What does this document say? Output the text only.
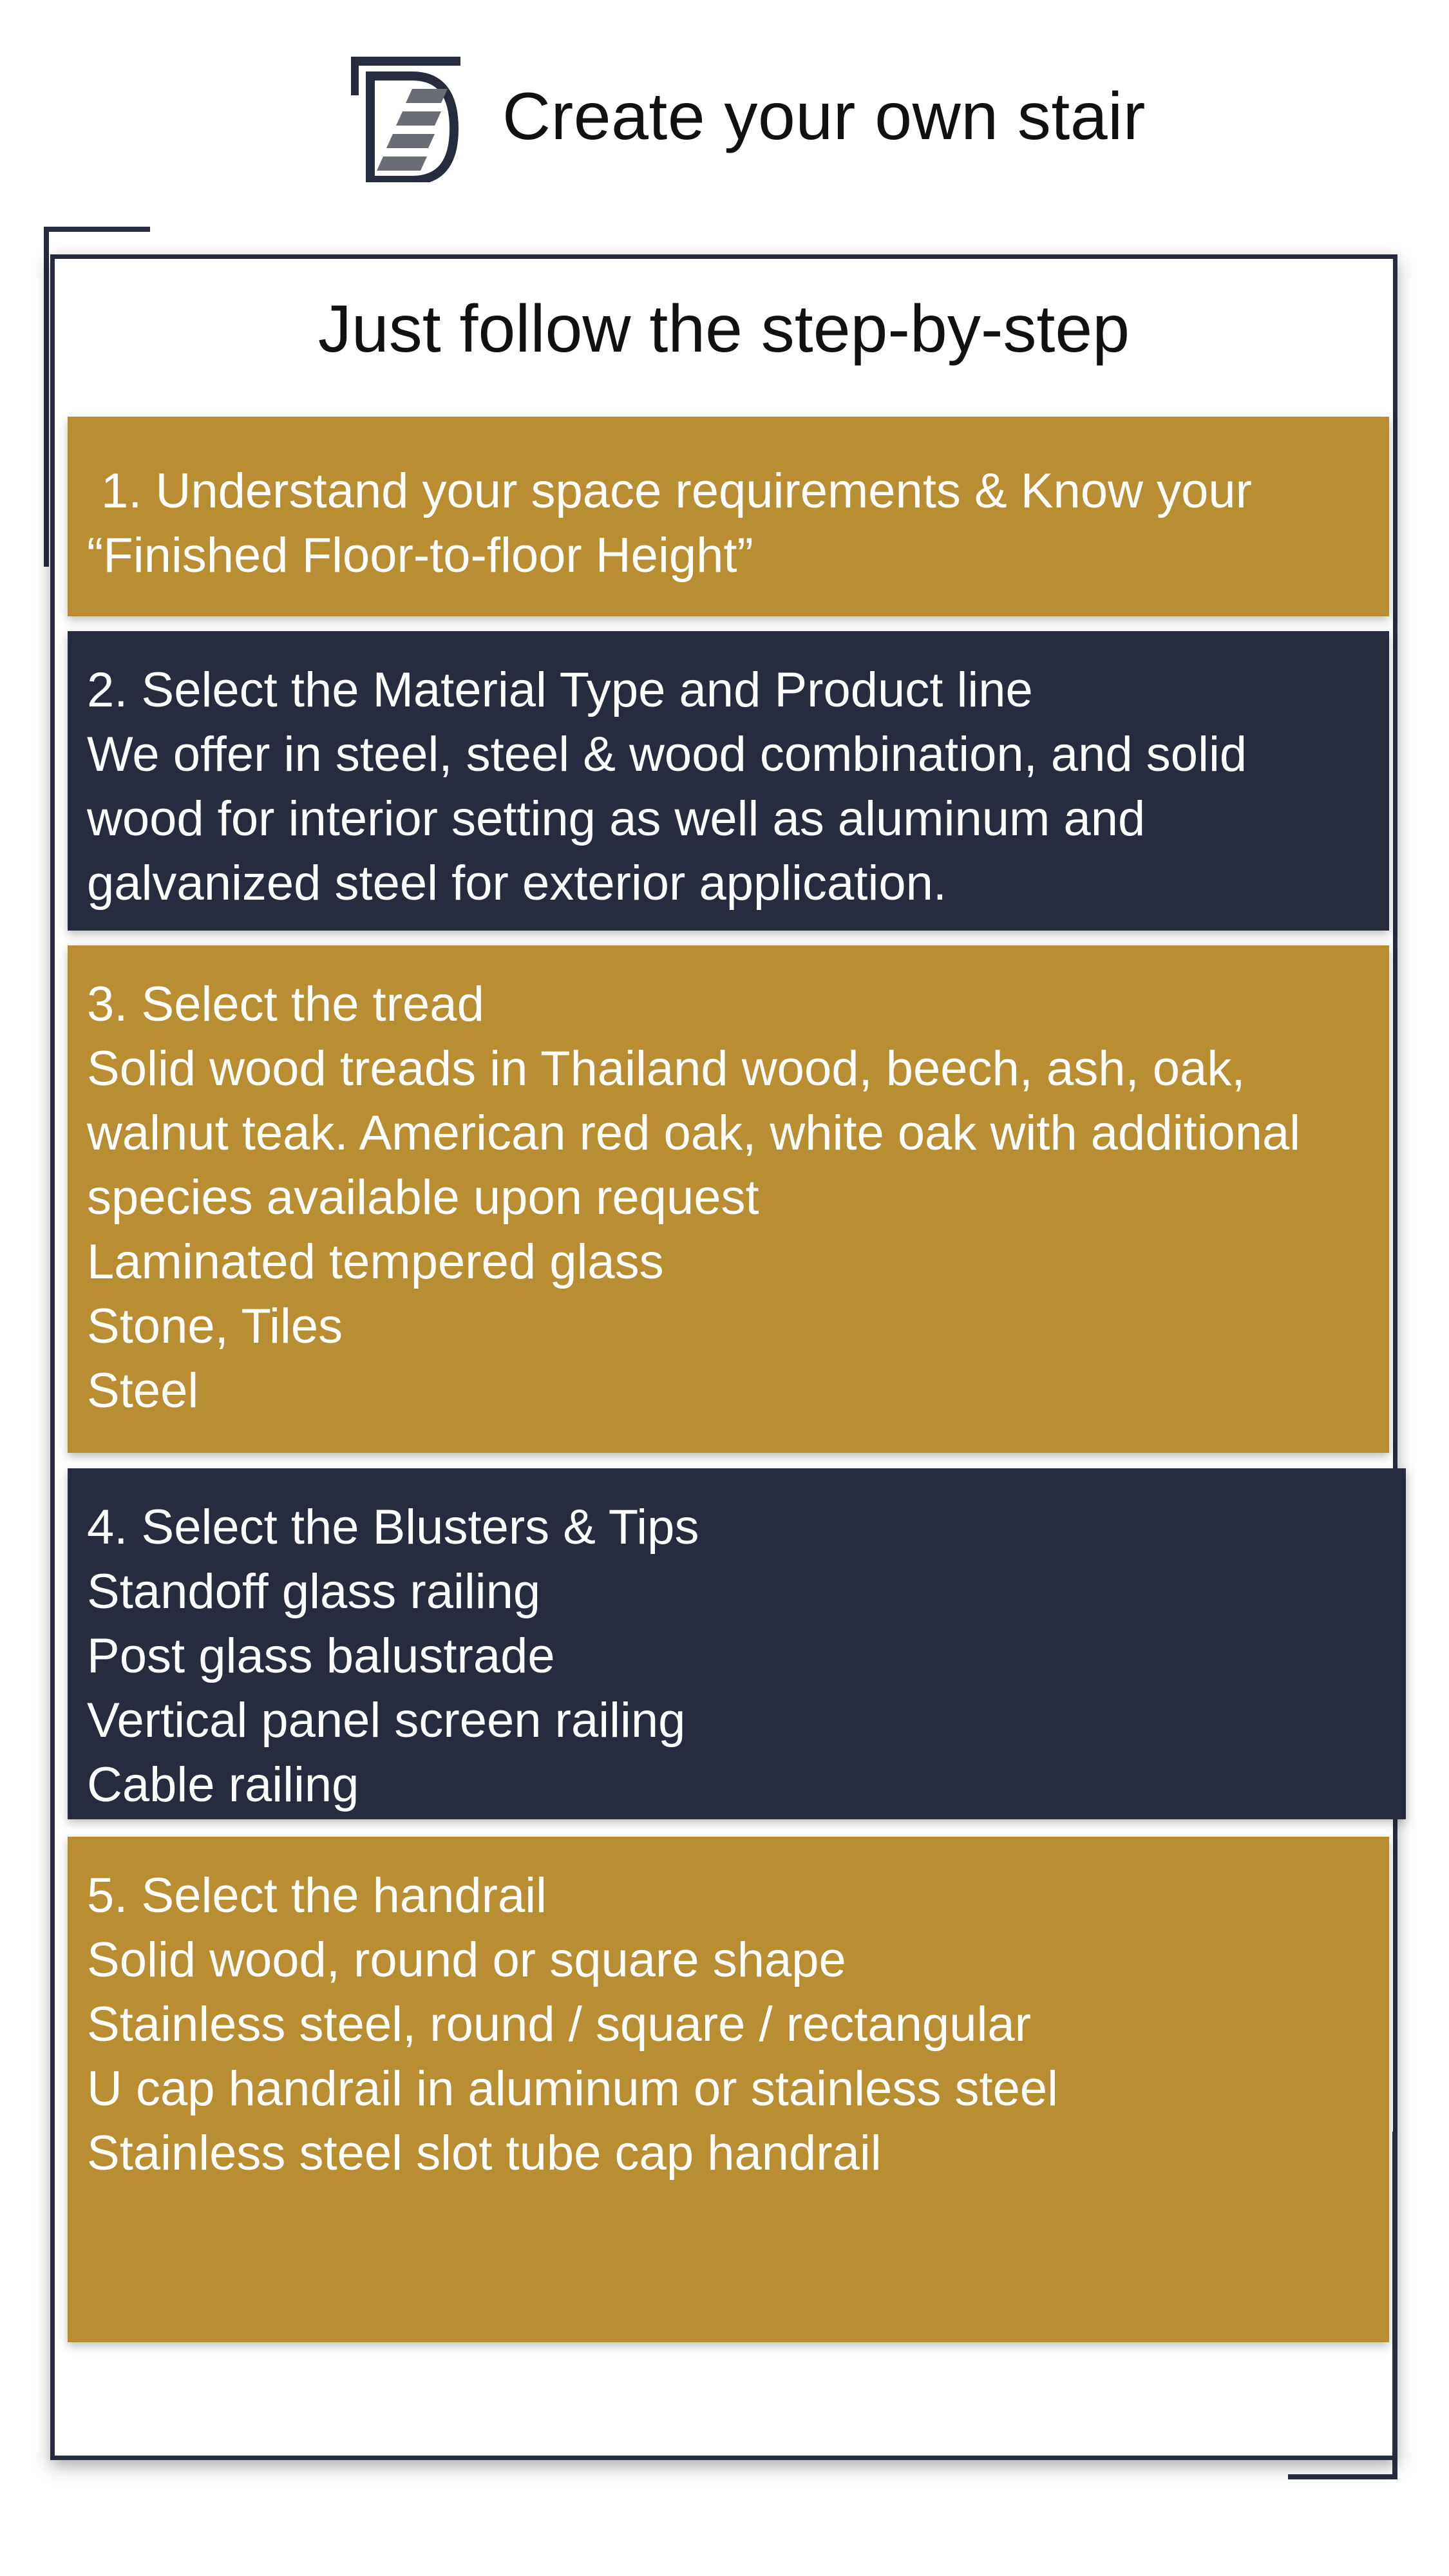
Create your own stair
Just follow the step-by-step
1. Understand your space requirements & Know your
“Finished Floor-to-floor Height”
2. Select the Material Type and Product line
We offer in steel, steel & wood combination, and solid
wood for interior setting as well as aluminum and
galvanized steel for exterior application.
3. Select the tread
Solid wood treads in Thailand wood, beech, ash, oak,
walnut teak. American red oak, white oak with additional
species available upon request
Laminated tempered glass
Stone, Tiles
Steel
4. Select the Blusters & Tips
Standoff glass railing
Post glass balustrade
Vertical panel screen railing
Cable railing
5. Select the handrail
Solid wood, round or square shape
Stainless steel, round / square / rectangular
U cap handrail in aluminum or stainless steel
Stainless steel slot tube cap handrail
